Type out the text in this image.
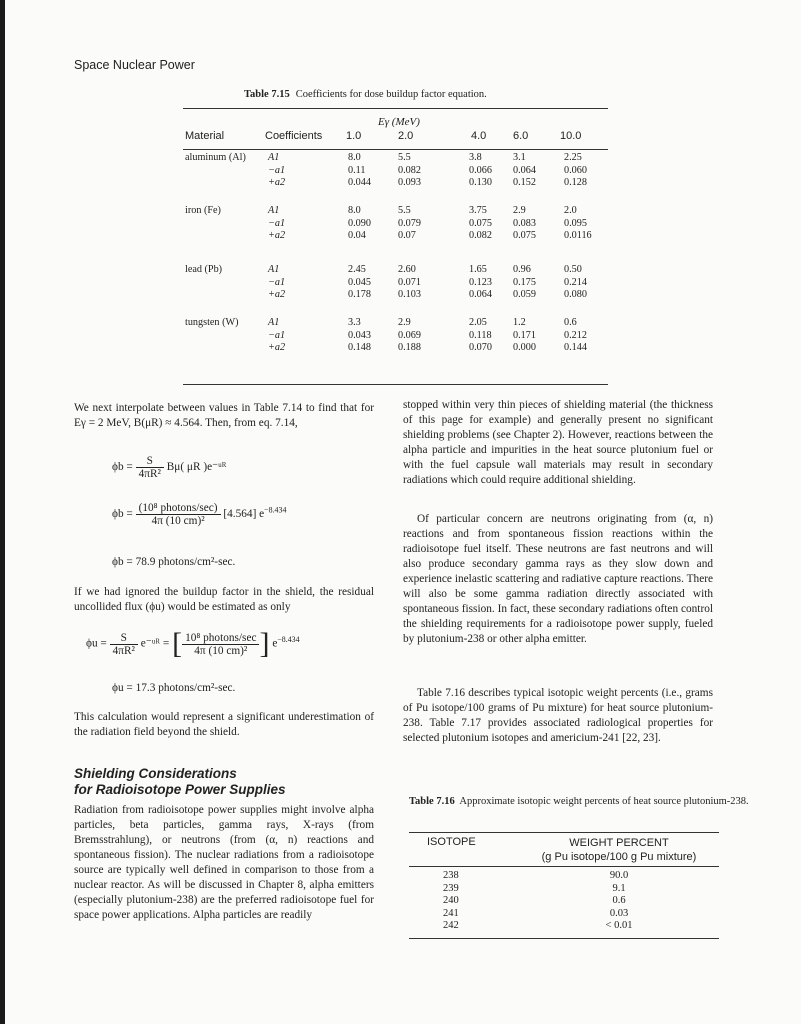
Space Nuclear Power
Table 7.15 Coefficients for dose buildup factor equation.
Eγ (MeV)
Material	Coefficients 1.0	2.0	4.0 6.0	10.0
aluminum (Al) A1	8.0	5.5	3.8	3.1	2.25
−a1	0.11	0.082	0.066 0.064	0.060
+a2	0.044	0.093	0.130 0.152	0.128
iron (Fe)	A1	8.0	5.5	3.75	2.9	2.0
−a1	0.090	0.079	0.075 0.083	0.095
+a2	0.04	0.07	0.082 0.075	0.0116
lead (Pb)	A1	2.45	2.60	1.65	0.96	0.50
−a1	0.045	0.071	0.123 0.175	0.214
+a2	0.178	0.103	0.064 0.059	0.080
tungsten (W)	A1	3.3	2.9	2.05	1.2	0.6
−a1	0.043	0.069	0.118 0.171	0.212
+a2	0.148	0.188	0.070 0.000	0.144
We next interpolate between values in Table 7.14 to find that for Eγ = 2 MeV, B(μR) ≈ 4.564. Then, from eq. 7.14,
$\phi b = \frac{S}{\text{4πR²}} B\mu$( μR )e⁻ᵘᴿ
$\phi b = \frac{\text{(10⁸ photons/sec)}}{\text{4π (10 cm)²}} [4.564]$ $e^{-8.434}$
ϕb = 78.9 photons/cm²-sec.
If we had ignored the buildup factor in the shield, the residual uncollided flux (ϕu) would be estimated as only
$\phi u = \frac{S}{\text{4πR²}}$ e⁻ᵘᴿ = [ $\frac{\text{10⁸ photons/sec}}{\text{4π (10 cm)²}}$ ] $e^{-8.434}$
ϕu = 17.3 photons/cm²-sec.
This calculation would represent a significant underestimation of the radiation field beyond the shield.
Shielding Considerations
for Radioisotope Power Supplies
Radiation from radioisotope power supplies might involve alpha particles, beta particles, gamma rays, X-rays (from Bremsstrahlung), or neutrons (from (α, n) reactions and spontaneous fission). The nuclear radiations from a radioisotope source are typically well defined in comparison to those from a nuclear reactor. As will be discussed in Chapter 8, alpha emitters (especially plutonium-238) are the preferred radioisotope fuel for space power applications. Alpha particles are readily
stopped within very thin pieces of shielding material (the thickness of this page for example) and generally present no significant shielding problems (see Chapter 2). However, reactions between the alpha particle and impurities in the heat source plutonium fuel or with the fuel capsule wall materials may result in secondary radiations which could require additional shielding.
Of particular concern are neutrons originating from (α, n) reactions and from spontaneous fission reactions within the radioisotope fuel itself. These neutrons are fast neutrons and will also produce secondary gamma rays as they slow down and experience inelastic scattering and radiative capture reactions. There will also be some gamma radiation directly associated with spontaneous fission. In fact, these secondary radiations often control the shielding requirements for a radioisotope power supply, fueled by plutonium-238 or other alpha emitter.
Table 7.16 describes typical isotopic weight percents (i.e., grams of Pu isotope/100 grams of Pu mixture) for heat source plutonium-238. Table 7.17 provides associated radiological properties for selected plutonium isotopes and americium-241 [22, 23].
Table 7.16 Approximate isotopic weight percents of heat source plutonium-238.
ISOTOPE	WEIGHT PERCENT
(g Pu isotope/100 g Pu mixture)
238	90.0
239	9.1
240	0.6
241	0.03
242	< 0.01
